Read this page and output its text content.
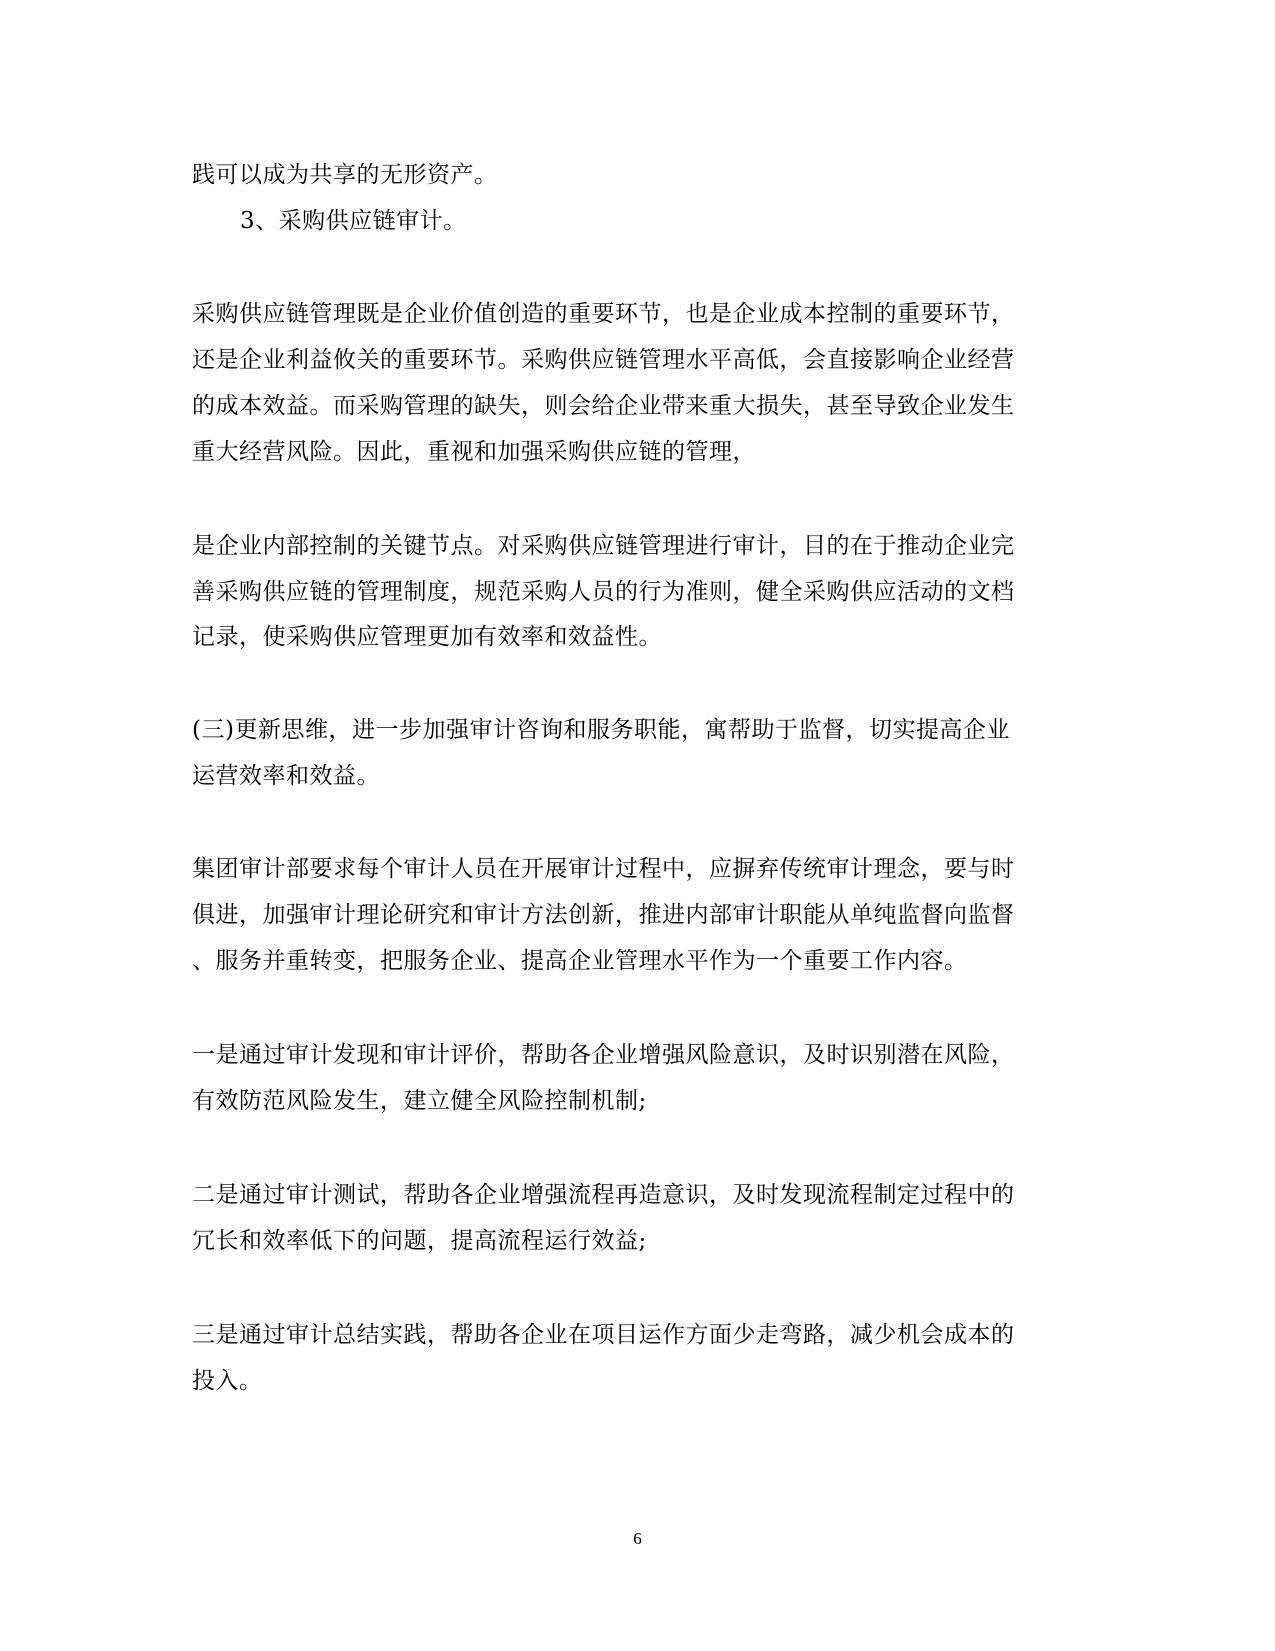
践可以成为共享的无形资产。
3、采购供应链审计。
采购供应链管理既是企业价值创造的重要环节，也是企业成本控制的重要环节，
还是企业利益攸关的重要环节。采购供应链管理水平高低，会直接影响企业经营
的成本效益。而采购管理的缺失，则会给企业带来重大损失，甚至导致企业发生
重大经营风险。因此，重视和加强采购供应链的管理，
是企业内部控制的关键节点。对采购供应链管理进行审计，目的在于推动企业完
善采购供应链的管理制度，规范采购人员的行为准则，健全采购供应活动的文档
记录，使采购供应管理更加有效率和效益性。
(三)更新思维，进一步加强审计咨询和服务职能，寓帮助于监督，切实提高企业
运营效率和效益。
集团审计部要求每个审计人员在开展审计过程中，应摒弃传统审计理念，要与时
俱进，加强审计理论研究和审计方法创新，推进内部审计职能从单纯监督向监督
、服务并重转变，把服务企业、提高企业管理水平作为一个重要工作内容。
一是通过审计发现和审计评价，帮助各企业增强风险意识，及时识别潜在风险，
有效防范风险发生，建立健全风险控制机制;
二是通过审计测试，帮助各企业增强流程再造意识，及时发现流程制定过程中的
冗长和效率低下的问题，提高流程运行效益;
三是通过审计总结实践，帮助各企业在项目运作方面少走弯路，减少机会成本的
投入。
6
